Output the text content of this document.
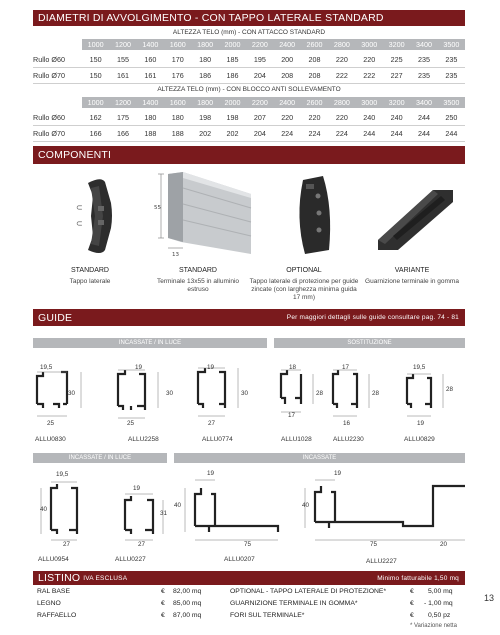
DIAMETRI DI AVVOLGIMENTO - CON TAPPO LATERALE STANDARD
ALTEZZA TELO (mm) - CON ATTACCO STANDARD
1000	1200	1400	1600	1800	2000	2200	2400	2600	2800	3000	3200	3400	3500
Rullo Ø60	150	155	160	170	180	185	195	200	208	220	220	225	235	235
Rullo Ø70	150	161	161	176	186	186	204	208	208	222	222	227	235	235
ALTEZZA TELO (mm) - CON BLOCCO ANTI SOLLEVAMENTO
1000	1200	1400	1600	1800	2000	2200	2400	2600	2800	3000	3200	3400	3500
Rullo Ø60	162	175	180	180	198	198	207	220	220	220	240	240	244	250
Rullo Ø70	166	166	188	188	202	202	204	224	224	224	244	244	244	244
COMPONENTI
⊂
⊂
55
13
STANDARD
Tappo laterale
STANDARD
Terminale 13x55 in alluminio estruso
OPTIONAL
Tappo laterale di protezione per guide zincate (con larghezza minima guida 17 mm)
VARIANTE
Guarnizione terminale in gomma
GUIDE	Per maggiori dettagli sulle guide consultare pag. 74 - 81
INCASSATE / IN LUCE	SOSTITUZIONE
19,5
30
25
19
30
25
19
30
27
18
28
17
17
28
16
19,5
28
19
ALLU0830	ALLU2258	ALLU0774	ALLU1028	ALLU2230	ALLU0829
INCASSATE / IN LUCE	INCASSATE
19,5
40
27
19
31
27
19
40
75
19
40
75	20
ALLU0954	ALLU0227	ALLU0207	ALLU2227
LISTINO IVA ESCLUSA	Minimo fatturabile 1,50 mq
RAL BASE	€ 82,00 mq
LEGNO	€ 85,00 mq
RAFFAELLO	€ 87,00 mq
OPTIONAL - TAPPO LATERALE DI PROTEZIONE*	€ 5,00 mq
GUARNIZIONE TERMINALE IN GOMMA*	€ - 1,00 mq
FORI SUL TERMINALE*	€ 0,50 pz
* Variazione netta
13
